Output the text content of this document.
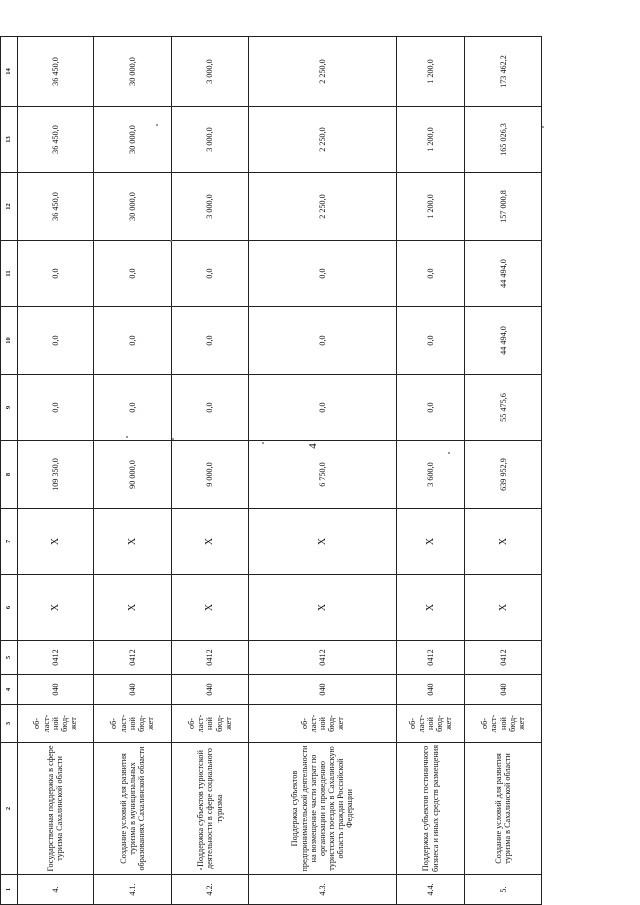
4
1	2	3	4	5	6	7	8	9	10	11	12	13	14
4.	Государственная поддержка в сфере туризма Сахалинской области	об-
ласт-
ной
бюд-
жет	040	0412	X	X	109 350,0	0,0	0,0	0,0	36 450,0	36 450,0	36 450,0
4.1.	Создание условий для развития туризма в муниципальных образованиях Сахалинской области	об-
ласт-
ной
бюд-
жет	040	0412	X	X	90 000,0	0,0	0,0	0,0	30 000,0	30 000,0	30 000,0
4.2.	Поддержка субъектов туристской деятельности в сфере социального туризма	об-
ласт-
ной
бюд-
жет	040	0412	X	X	9 000,0	0,0	0,0	0,0	3 000,0	3 000,0	3 000,0
4.3.	Поддержка субъектов предпринимательской деятельности на возмещение части затрат по организации и проведению туристских поездок в Сахалинскую область граждан Российской Федерации	об-
ласт-
ной
бюд-
жет	040	0412	X	X	6 750,0	0,0	0,0	0,0	2 250,0	2 250,0	2 250,0
4.4.	Поддержка субъектов гостиничного бизнеса и иных средств размещения	об-
ласт-
ной
бюд-
жет	040	0412	X	X	3 600,0	0,0	0,0	0,0	1 200,0	1 200,0	1 200,0
5.	Создание условий для развития туризма в Сахалинской области	об-
ласт-
ной
бюд-
жет	040	0412	X	X	639 952,9	55 475,6	44 494,0	44 494,0	157 000,8	165 026,3	173 462,2
